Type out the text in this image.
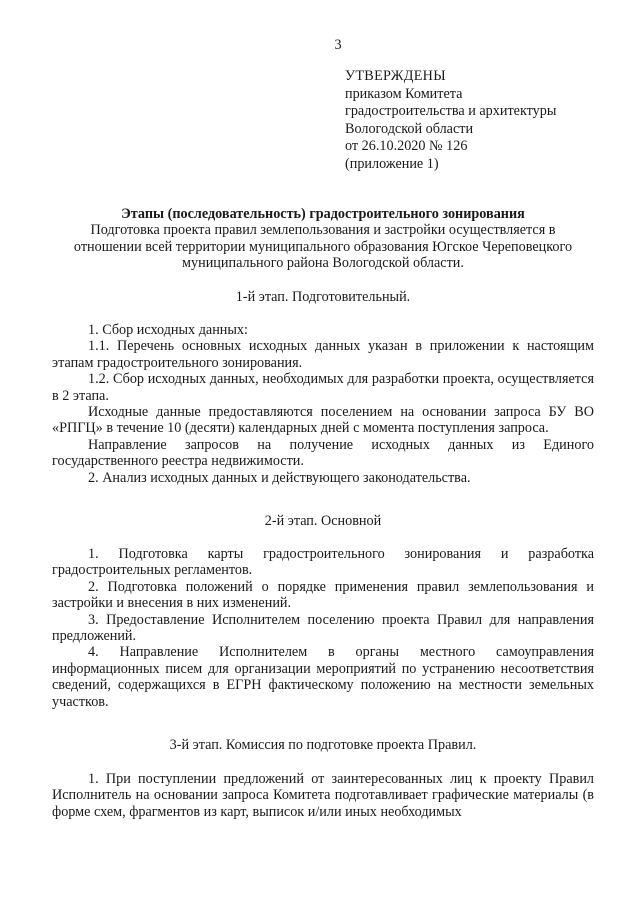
3
УТВЕРЖДЕНЫ
приказом Комитета
градостроительства и архитектуры
Вологодской области
от 26.10.2020 № 126
(приложение 1)

Этапы (последовательность) градостроительного зонирования

Подготовка проекта правил землепользования и застройки осуществляется в отношении всей территории муниципального образования Югское Череповецкого муниципального района Вологодской области.

1-й этап. Подготовительный.

1. Сбор исходных данных:

1.1. Перечень основных исходных данных указан в приложении к настоящим этапам градостроительного зонирования.

1.2. Сбор исходных данных, необходимых для разработки проекта, осуществляется в 2 этапа.

Исходные данные предоставляются поселением на основании запроса БУ ВО «РПГЦ» в течение 10 (десяти) календарных дней с момента поступления запроса.

Направление запросов на получение исходных данных из Единого государственного реестра недвижимости.

2. Анализ исходных данных и действующего законодательства.

2-й этап. Основной

1. Подготовка карты градостроительного зонирования и разработка градостроительных регламентов.

2. Подготовка положений о порядке применения правил землепользования и застройки и внесения в них изменений.

3. Предоставление Исполнителем поселению проекта Правил для направления предложений.

4. Направление Исполнителем в органы местного самоуправления информационных писем для организации мероприятий по устранению несоответствия сведений, содержащихся в ЕГРН фактическому положению на местности земельных участков.

3-й этап. Комиссия по подготовке проекта Правил.

1. При поступлении предложений от заинтересованных лиц к проекту Правил Исполнитель на основании запроса Комитета подготавливает графические материалы (в форме схем, фрагментов из карт, выписок и/или иных необходимых
